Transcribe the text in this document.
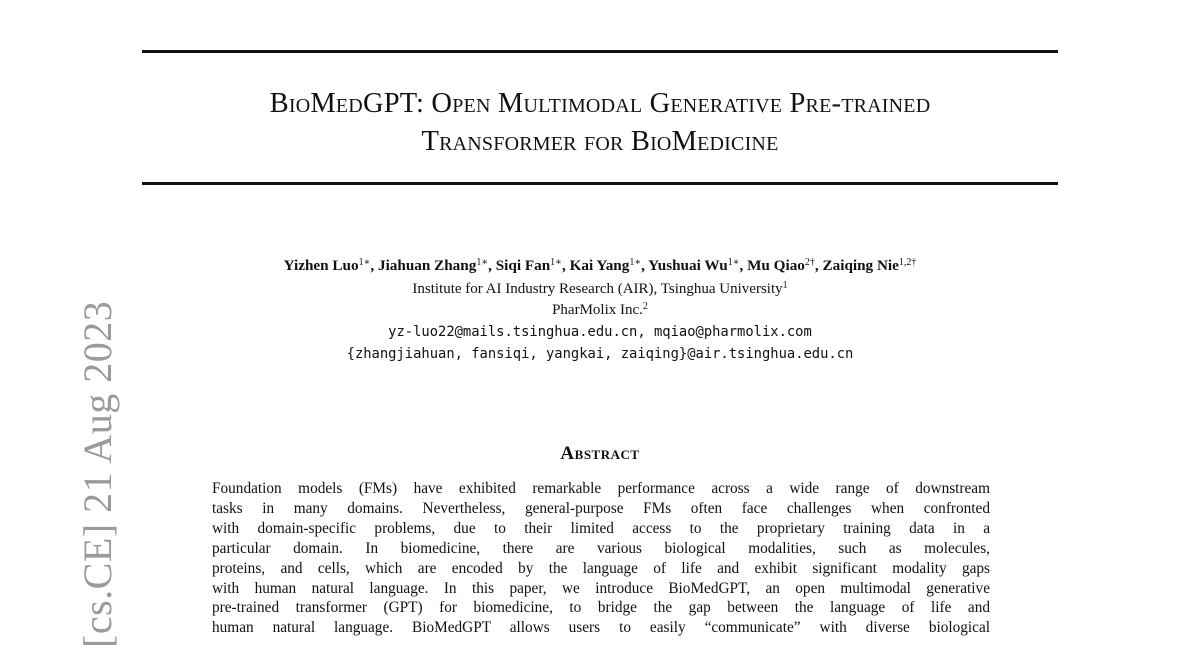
[cs.CE] 21 Aug 2023
BioMedGPT: Open Multimodal Generative Pre-trained
Transformer for BioMedicine
Yizhen Luo$^{1∗}$, Jiahuan Zhang$^{1∗}$, Siqi Fan$^{1∗}$, Kai Yang$^{1∗}$, Yushuai $Wu^{1∗}$, Mu Qiao$^{2\dagger}$, Zaiqing Nie$^{1,2\dagger}$
Institute for AI Industry Research (AIR), Tsinghua University$^1$
PharMolix Inc.$^2$
yz-luo22@mails.tsinghua.edu.cn, mqiao@pharmolix.com
{zhangjiahuan, fansiqi, yangkai, zaiqing}@air.tsinghua.edu.cn
Abstract
Foundation models (FMs) have exhibited remarkable performance across a wide range of downstream
tasks in many domains. Nevertheless, general-purpose FMs often face challenges when confronted
with domain-specific problems, due to their limited access to the proprietary training data in a
particular domain. In biomedicine, there are various biological modalities, such as molecules,
proteins, and cells, which are encoded by the language of life and exhibit significant modality gaps
with human natural language. In this paper, we introduce BioMedGPT, an open multimodal generative
pre-trained transformer (GPT) for biomedicine, to bridge the gap between the language of life and
human natural language. BioMedGPT allows users to easily “communicate” with diverse biological
